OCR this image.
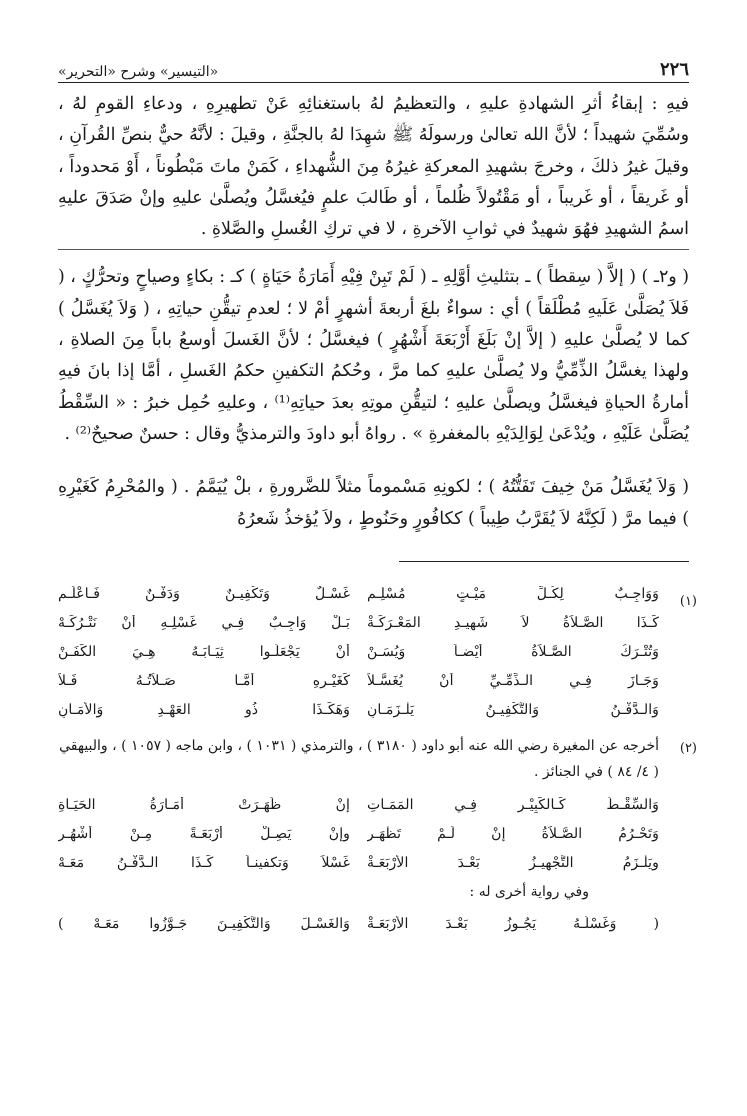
٢٢٦
«التيسير» وشرح «التحرير»

فيهِ : إبقاءُ أثرِ الشهادةِ عليهِ ، والتعظيمُ لهُ باستغنائِهِ عَنْ تطهيرِهِ ، ودعاءِ القومِ لهُ ، وسُمِّيَ شهيداً ؛ لأنَّ الله تعالىٰ ورسولَهُ ﷺ شهِدَا لهُ بالجنَّةِ ، وقيلَ : لأنَّهُ حيٌّ بنصِّ القُرآنِ ، وقيلَ غيرُ ذلكَ ، وخرجَ بشهيدِ المعركةِ غيرُهُ مِنَ الشُّهداءِ ، كَمَنْ ماتَ مَبْطُوناً ، أَوْ مَحدوداً ، أو غَريقاً ، أو غَريباً ، أو مَقْتُولاً ظُلماً ، أو طَالبَ علمٍ فيُغسَّلُ ويُصلَّىٰ عليهِ وإنْ صَدَقَ عليهِ اسمُ الشهيدِ فهُوَ شهيدٌ في ثوابِ الآخرةِ ، لا في تركِ الغُسلِ والصَّلاةِ .

( و٢ـ ) ( إلاَّ ( سِقطاً ) ـ بتثليثِ أوَّلِهِ ـ ( لَمْ تَبِنْ فِيْهِ أَمَارَةُ حَيَاةٍ ) كـ : بكاءٍ وصياحٍ وتحرُّكٍ ، ( فَلاَ يُصَلَّىٰ عَلَيهِ مُطْلَقاً ) أي : سواءٌ بلغَ أربعةَ أشهرٍ أمْ لا ؛ لعدمِ تيقُّنِ حياتِهِ ، ( وَلاَ يُغَسَّلُ ) كما لا يُصلَّىٰ عليهِ ( إلاَّ إنْ بَلَغَ أَرْبَعَةَ أَشْهُرٍ ) فيغسَّلُ ؛ لأنَّ الغَسلَ أوسعُ باباً مِنَ الصلاةِ ، ولهذا يغسَّلُ الذِّمِّيُّ ولا يُصلَّىٰ عليهِ كما مرَّ ، وحُكمُ التكفينِ حكمُ الغَسلِ ، أمَّا إذا بانَ فيهِ أمارةُ الحياةِ فيغسَّلُ ويصلَّىٰ عليهِ ؛ لتيقُّنِ موتِهِ بعدَ حياتِهِ⁽¹⁾ ، وعليهِ حُمِل خبرُ : « السِّقْطُ يُصَلَّىٰ عَلَيْهِ ، ويُدْعَىٰ لِوَالِدَيْهِ بالمغفرةِ » . رواهُ أبو داودَ والترمذيُّ وقال : حسنٌ صحيحٌ⁽²⁾ .

( وَلاَ يُغَسَّلُ مَنْ خِيفَ تَفَتُّتُهُ ) ؛ لكونِهِ مَسْموماً مثلاً للضَّرورةِ ، بلْ يُيَمَّمُ . ( والمُحْرِمُ كَغَيْرِهِ ) فيما مرَّ ( لَكِنَّهُ لاَ يُقَرَّبُ طِيباً ) ككافُورٍ وحَنُوطٍ ، ولاَ يُؤخذُ شَعرُهُ

(١)
وَوَاجِـبٌ لِكُـلِّ مَيْـتٍ مُسْلِـمِ
غَسْـلٌ وَتَكْفِيـنٌ وَدَفْـنٌ فَـاعْلَـمِ
كَـذَا الصَّـلاَةُ لاَ شَهِيـدِ المَعْـرَكَـةْ
بَـلْ وَاجِـبٌ فِـي غَسْلِـهِ أَنْ نَتْـرُكَـهْ
وَتُتْـرَكُ الصَّـلاَةُ أَيْضـاً وَيُسَـنْ
أَنْ يَجْعَلُـوا ثِيَـابَـهُ هِـيَ الكَفَـنْ
وَجَـازَ فِـي الـذِّمِّـيِّ أَنْ يُغَسَّـلاَ
كَغَيْـرِهِ أَمَّـا صَـلاَتُـهُ فَـلاَ
وَالـدَّفْـنُ وَالتَّكْفِيـنُ يَلْـزَمَـانِ
وَهَكَـذَا ذُو العَهْـدِ وَالأَمَـانِ
(٢)
أخرجه عن المغيرة رضي الله عنه أبو داود ( ٣١٨٠ ) ، والترمذي ( ١٠٣١ ) ، وابن ماجه ( ١٠٥٧ ) ، والبيهقي ( ٤/ ٨٤ ) في الجنائز .
وَالسِّقْـطُ كَـالكَبِيْـرِ فِـي المَمَـاتِ
إِنْ ظَهَـرَتْ أَمَـارَةُ الحَيَـاةِ
وَتَحْـرُمُ الصَّـلاَةُ إِنْ لَـمْ تَظْهَـرِ
وإِنْ يَصِـلْ أَرْبَعَـةً مِـنْ أَشْهُـرِ
ويَلْـزَمُ التَّجْهِيـزُ بَعْـدَ الأَرْبَعَـةْ
غَسْلاً وَتكفينـاً كَـذَا الـدَّفْـنُ مَعَـهْ
وفي رواية أخرى له :
( وَغَسْلُـهُ يَجُـوزُ بَعْـدَ الأَرْبَعَـةْ
وَالغَسْـلَ وَالتَّكْفِيـنَ جَـوَّزُوا مَعَـهْ )
